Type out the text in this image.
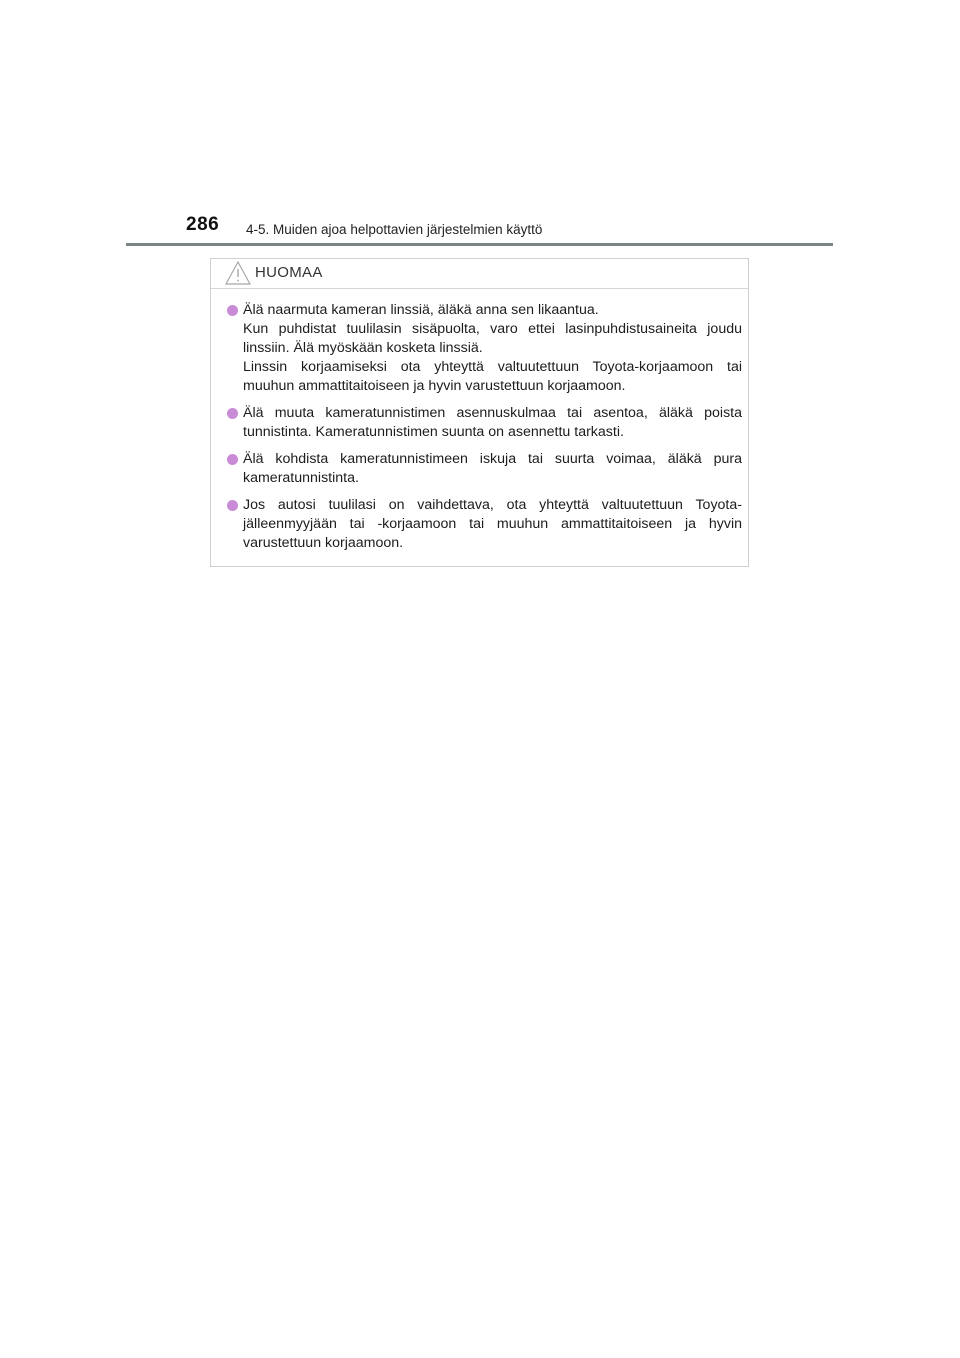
286 4-5. Muiden ajoa helpottavien järjestelmien käyttö
HUOMAA
Älä naarmuta kameran linssiä, äläkä anna sen likaantua.
Kun puhdistat tuulilasin sisäpuolta, varo ettei lasinpuhdistusaineita joudu
linssiin. Älä myöskään kosketa linssiä.
Linssin korjaamiseksi ota yhteyttä valtuutettuun Toyota-korjaamoon tai
muuhun ammattitaitoiseen ja hyvin varustettuun korjaamoon.
Älä muuta kameratunnistimen asennuskulmaa tai asentoa, äläkä poista
tunnistinta. Kameratunnistimen suunta on asennettu tarkasti.
Älä kohdista kameratunnistimeen iskuja tai suurta voimaa, äläkä pura
kameratunnistinta.
Jos autosi tuulilasi on vaihdettava, ota yhteyttä valtuutettuun Toyota-
jälleenmyyjään tai -korjaamoon tai muuhun ammattitaitoiseen ja hyvin
varustettuun korjaamoon.
